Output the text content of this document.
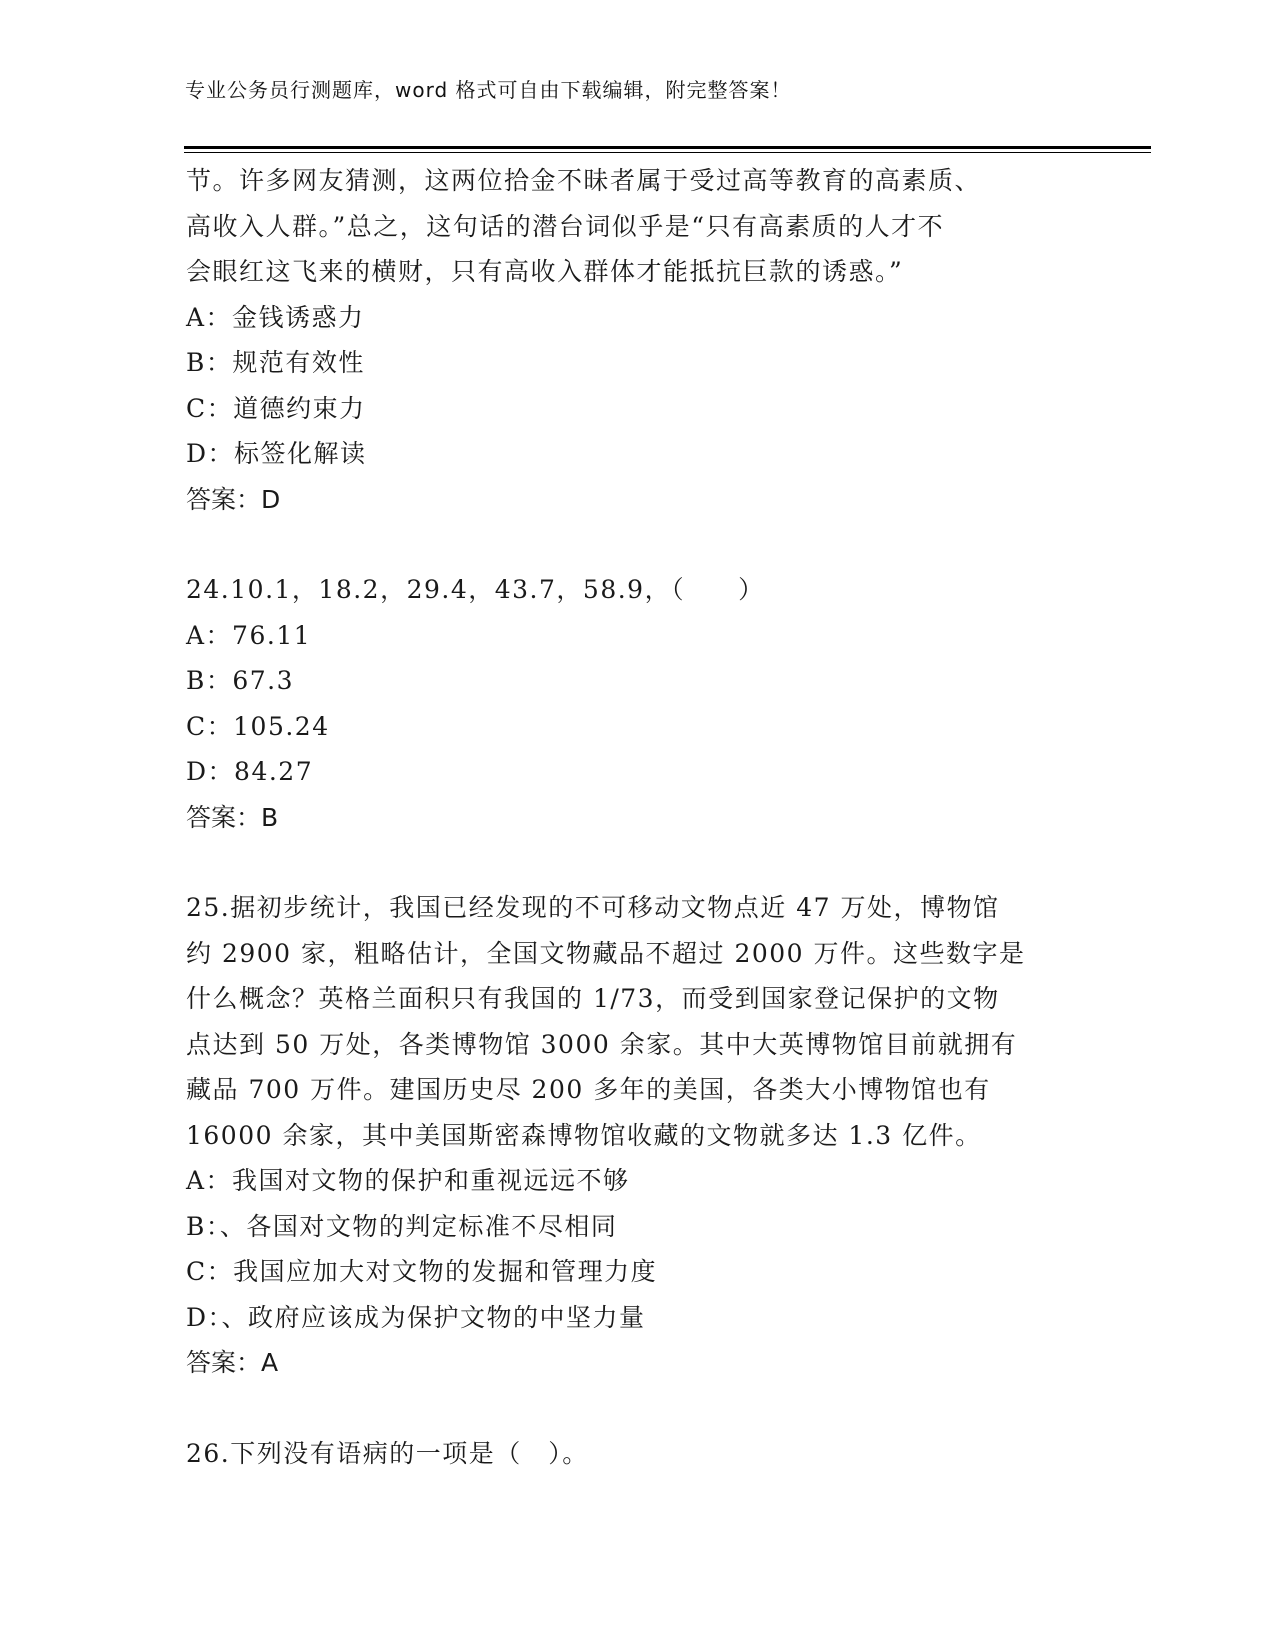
专业公务员行测题库，word 格式可自由下载编辑，附完整答案！
节。许多网友猜测，这两位拾金不昧者属于受过高等教育的高素质、
高收入人群。”总之，这句话的潜台词似乎是“只有高素质的人才不
会眼红这飞来的横财，只有高收入群体才能抵抗巨款的诱惑。”
A：金钱诱惑力
B：规范有效性
C：道德约束力
D：标签化解读
答案：D
24.10.1，18.2，29.4，43.7，58.9，（　　）
A：76.11
B：67.3
C：105.24
D：84.27
答案：B
25.据初步统计，我国已经发现的不可移动文物点近 47 万处，博物馆
约 2900 家，粗略估计，全国文物藏品不超过 2000 万件。这些数字是
什么概念？英格兰面积只有我国的 1/73，而受到国家登记保护的文物
点达到 50 万处，各类博物馆 3000 余家。其中大英博物馆目前就拥有
藏品 700 万件。建国历史尽 200 多年的美国，各类大小博物馆也有
16000 余家，其中美国斯密森博物馆收藏的文物就多达 1.3 亿件。
A：我国对文物的保护和重视远远不够
B：、各国对文物的判定标准不尽相同
C：我国应加大对文物的发掘和管理力度
D：、政府应该成为保护文物的中坚力量
答案：A
26.下列没有语病的一项是（　）。
